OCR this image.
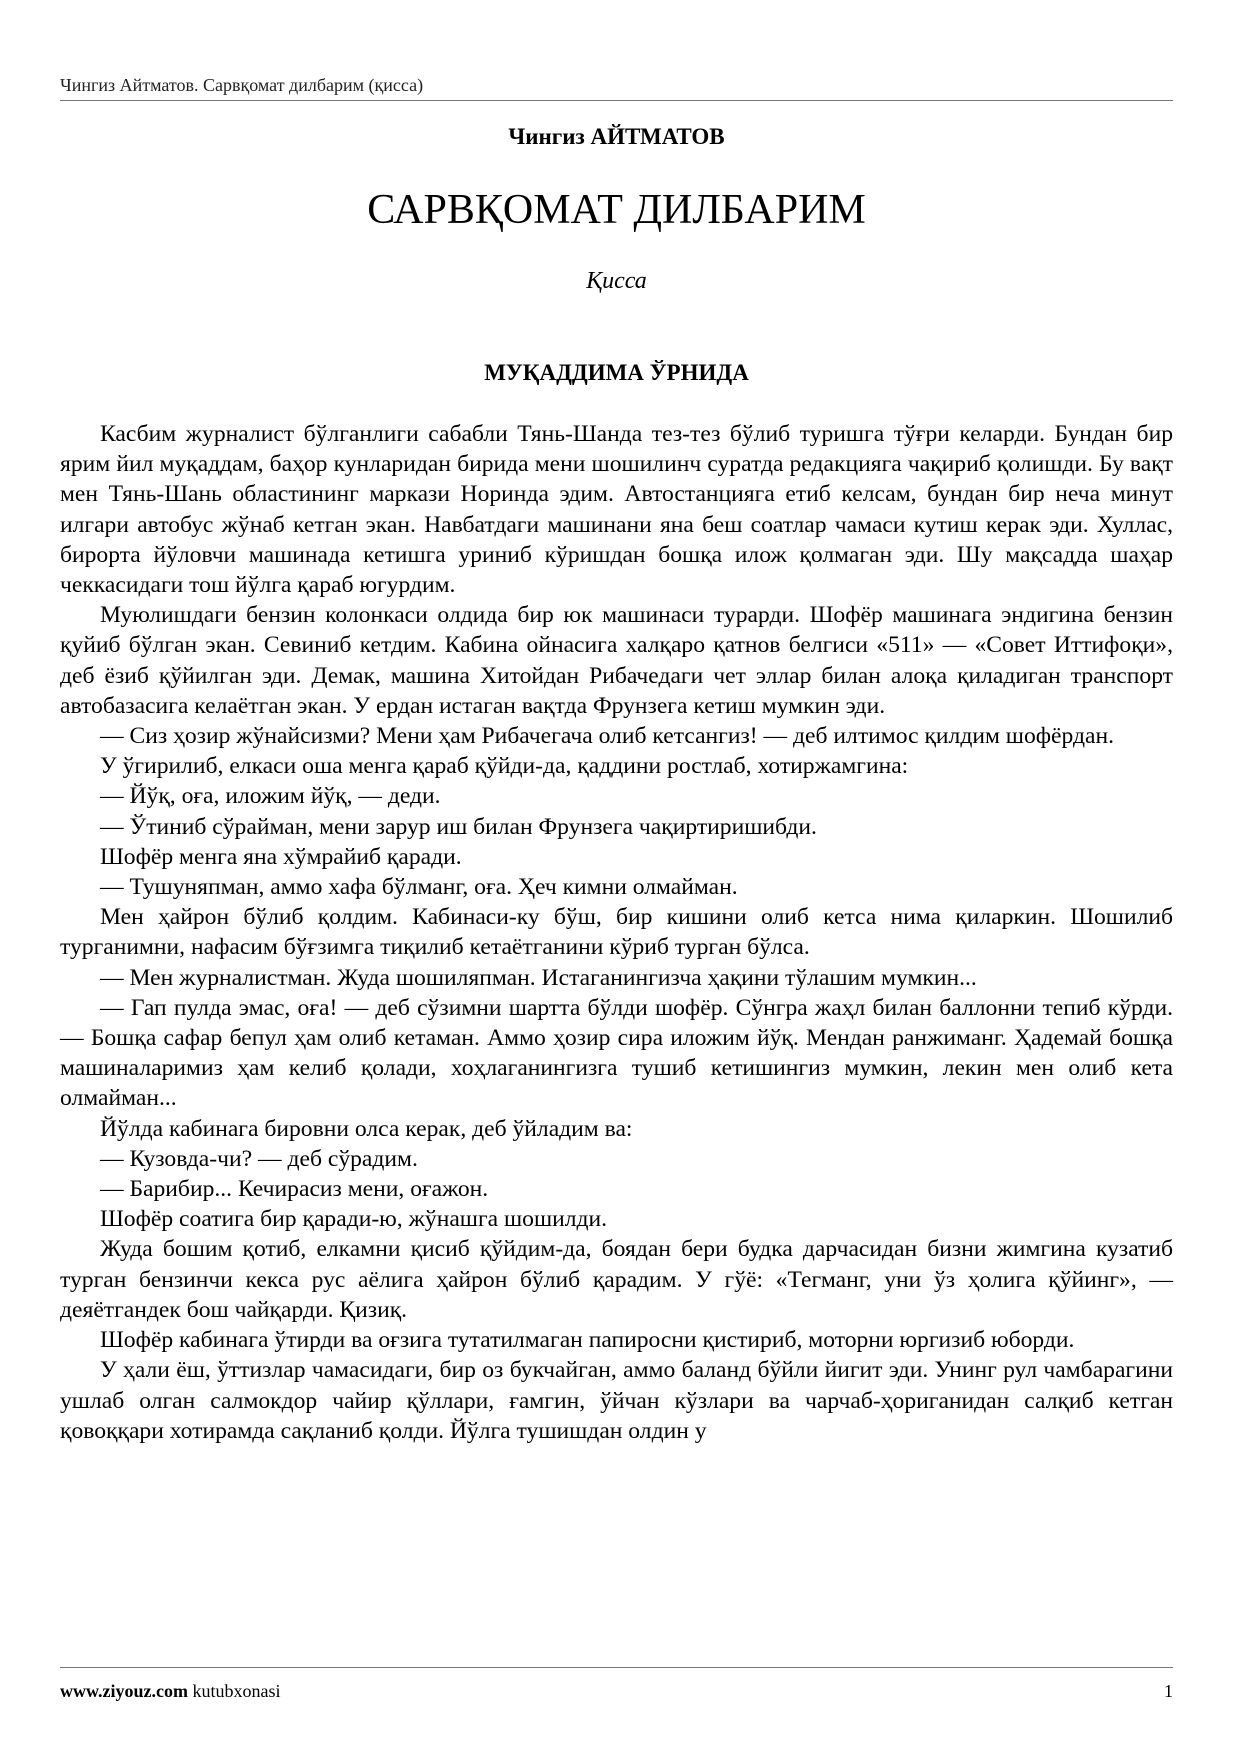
Чингиз Айтматов. Сарвқомат дилбарим (қисса)
Чингиз АЙТМАТОВ
САРВҚОМАТ ДИЛБАРИМ
Қисса
МУҚАДДИМА ЎРНИДА

Касбим журналист бўлганлиги сабабли Тянь-Шанда тез-тез бўлиб туришга тўғри келарди. Бундан бир ярим йил муқаддам, баҳор кунларидан бирида мени шошилинч суратда редакцияга чақириб қолишди. Бу вақт мен Тянь-Шань областининг маркази Норинда эдим. Автостанцияга етиб келсам, бундан бир неча минут илгари автобус жўнаб кетган экан. Навбатдаги машинани яна беш соатлар чамаси кутиш керак эди. Хуллас, бирорта йўловчи машинада кетишга уриниб кўришдан бошқа илож қолмаган эди. Шу мақсадда шаҳар чеккасидаги тош йўлга қараб югурдим.

Муюлишдаги бензин колонкаси олдида бир юк машинаси турарди. Шофёр машинага эндигина бензин қуйиб бўлган экан. Севиниб кетдим. Кабина ойнасига халқаро қатнов белгиси «511» — «Совет Иттифоқи», деб ёзиб қўйилган эди. Демак, машина Хитойдан Рибачедаги чет эллар билан алоқа қиладиган транспорт автобазасига келаётган экан. У ердан истаган вақтда Фрунзега кетиш мумкин эди.

— Сиз ҳозир жўнайсизми? Мени ҳам Рибачегача олиб кетсангиз! — деб илтимос қилдим шофёрдан.

У ўгирилиб, елкаси оша менга қараб қўйди-да, қаддини ростлаб, хотиржамгина:

— Йўқ, оға, иложим йўқ, — деди.

— Ўтиниб сўрайман, мени зарур иш билан Фрунзега чақиртиришибди.

Шофёр менга яна хўмрайиб қаради.

— Тушуняпман, аммо хафа бўлманг, оға. Ҳеч кимни олмайман.

Мен ҳайрон бўлиб қолдим. Кабинаси-ку бўш, бир кишини олиб кетса нима қиларкин. Шошилиб турганимни, нафасим бўғзимга тиқилиб кетаётганини кўриб турган бўлса.

— Мен журналистман. Жуда шошиляпман. Истаганингизча ҳақини тўлашим мумкин...

— Гап пулда эмас, оға! — деб сўзимни шартта бўлди шофёр. Сўнгра жаҳл билан баллонни тепиб кўрди. — Бошқа сафар бепул ҳам олиб кетаман. Аммо ҳозир сира иложим йўқ. Мендан ранжиманг. Ҳадемай бошқа машиналаримиз ҳам келиб қолади, хоҳлаганингизга тушиб кетишингиз мумкин, лекин мен олиб кета олмайман...

Йўлда кабинага бировни олса керак, деб ўйладим ва:

— Кузовда-чи? — деб сўрадим.

— Барибир... Кечирасиз мени, оғажон.

Шофёр соатига бир қаради-ю, жўнашга шошилди.

Жуда бошим қотиб, елкамни қисиб қўйдим-да, боядан бери будка дарчасидан бизни жимгина кузатиб турган бензинчи кекса рус аёлига ҳайрон бўлиб қарадим. У гўё: «Тегманг, уни ўз ҳолига қўйинг», — деяётгандек бош чайқарди. Қизиқ.

Шофёр кабинага ўтирди ва оғзига тутатилмаган папиросни қистириб, моторни юргизиб юборди.

У ҳали ёш, ўттизлар чамасидаги, бир оз букчайган, аммо баланд бўйли йигит эди. Унинг рул чамбарагини ушлаб олган салмокдор чайир қўллари, ғамгин, ўйчан кўзлари ва чарчаб-ҳориганидан салқиб кетган қовоққари хотирамда сақланиб қолди. Йўлга тушишдан олдин у

www.ziyouz.com kutubxonasi	1
